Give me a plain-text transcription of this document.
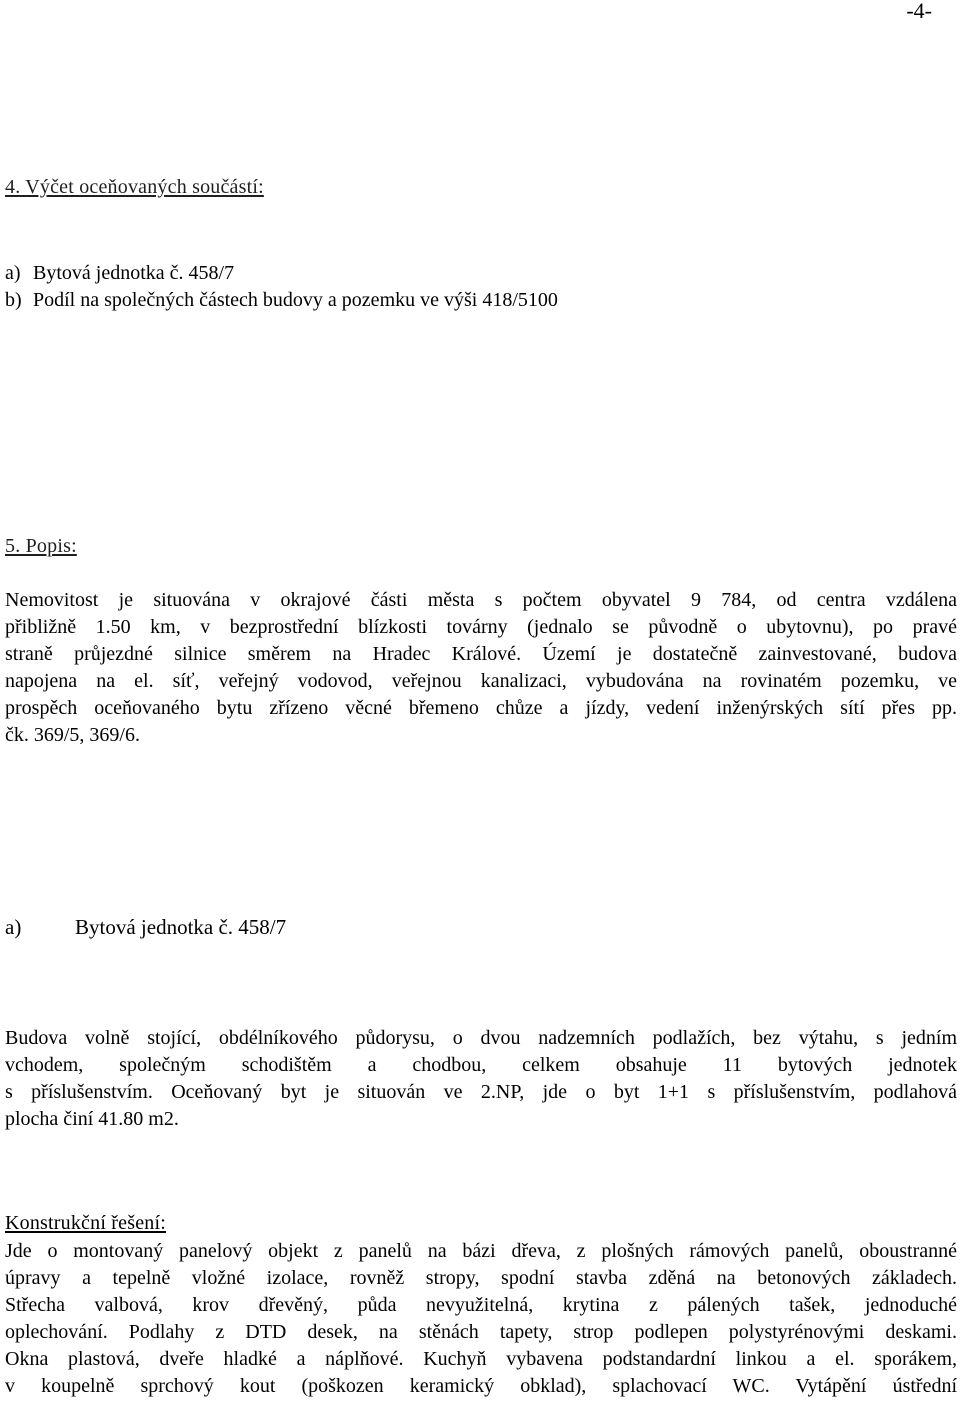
-4-
4. Výčet oceňovaných součástí:
a) Bytová jednotka č. 458/7
b) Podíl na společných částech budovy a pozemku ve výši 418/5100
5. Popis:
Nemovitost je situována v okrajové části města s počtem obyvatel 9 784, od centra vzdálena
přibližně 1.50 km, v bezprostřední blízkosti továrny (jednalo se původně o ubytovnu), po pravé
straně průjezdné silnice směrem na Hradec Králové. Území je dostatečně zainvestované, budova
napojena na el. síť, veřejný vodovod, veřejnou kanalizaci, vybudována na rovinatém pozemku, ve
prospěch oceňovaného bytu zřízeno věcné břemeno chůze a jízdy, vedení inženýrských sítí přes pp.
čk. 369/5, 369/6.
a)	Bytová jednotka č. 458/7
Budova volně stojící, obdélníkového půdorysu, o dvou nadzemních podlažích, bez výtahu, s jedním
vchodem, společným schodištěm a chodbou, celkem obsahuje 11 bytových jednotek
s příslušenstvím. Oceňovaný byt je situován ve 2.NP, jde o byt 1+1 s příslušenstvím, podlahová
plocha činí 41.80 m2.
Konstrukční řešení:
Jde o montovaný panelový objekt z panelů na bázi dřeva, z plošných rámových panelů, oboustranné
úpravy a tepelně vložné izolace, rovněž stropy, spodní stavba zděná na betonových základech.
Střecha valbová, krov dřevěný, půda nevyužitelná, krytina z pálených tašek, jednoduché
oplechování. Podlahy z DTD desek, na stěnách tapety, strop podlepen polystyrénovými deskami.
Okna plastová, dveře hladké a náplňové. Kuchyň vybavena podstandardní linkou a el. sporákem,
v koupelně sprchový kout (poškozen keramický obklad), splachovací WC. Vytápění ústřední
